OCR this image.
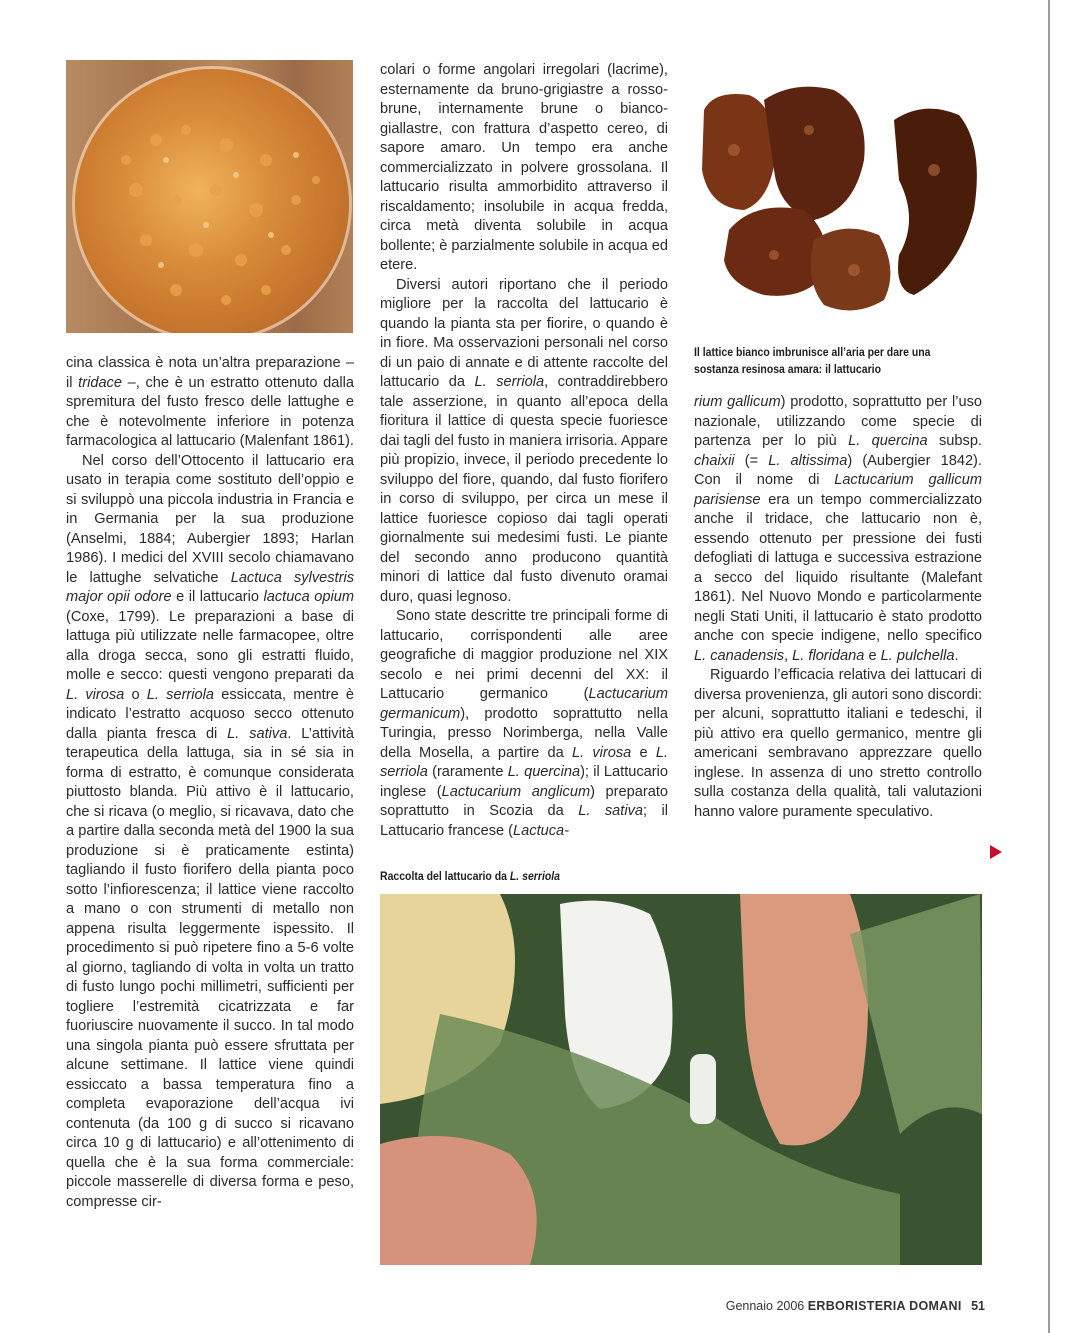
Il lattice bianco imbrunisce all’aria per dare una
sostanza resinosa amara: il lattucario

cina classica è nota un’altra preparazione – il tridace –, che è un estratto ottenuto dalla spremitura del fusto fresco delle lattughe e che è notevolmente inferiore in potenza farmacologica al lattucario (Malenfant 1861).

Nel corso dell’Ottocento il lattucario era usato in terapia come sostituto dell’oppio e si sviluppò una piccola industria in Francia e in Germania per la sua produzione (Anselmi, 1884; Aubergier 1893; Harlan 1986). I medici del XVIII secolo chiamavano le lattughe selvatiche Lactuca sylvestris major opii odore e il lattucario lactuca opium (Coxe, 1799). Le preparazioni a base di lattuga più utilizzate nelle farmacopee, oltre alla droga secca, sono gli estratti fluido, molle e secco: questi vengono preparati da L. virosa o L. serriola essiccata, mentre è indicato l’estratto acquoso secco ottenuto dalla pianta fresca di L. sativa. L’attività terapeutica della lattuga, sia in sé sia in forma di estratto, è comunque considerata piuttosto blanda. Più attivo è il lattucario, che si ricava (o meglio, si ricavava, dato che a partire dalla seconda metà del 1900 la sua produzione si è praticamente estinta) tagliando il fusto fiorifero della pianta poco sotto l’infiorescenza; il lattice viene raccolto a mano o con strumenti di metallo non appena risulta leggermente ispessito. Il procedimento si può ripetere fino a 5-6 volte al giorno, tagliando di volta in volta un tratto di fusto lungo pochi millimetri, sufficienti per togliere l’estremità cicatrizzata e far fuoriuscire nuovamente il succo. In tal modo una singola pianta può essere sfruttata per alcune settimane. Il lattice viene quindi essiccato a bassa temperatura fino a completa evaporazione dell’acqua ivi contenuta (da 100 g di succo si ricavano circa 10 g di lattucario) e all’ottenimento di quella che è la sua forma commerciale: piccole masserelle di diversa forma e peso, compresse cir-

colari o forme angolari irregolari (lacrime), esternamente da bruno-grigiastre a rosso-brune, internamente brune o bianco-giallastre, con frattura d’aspetto cereo, di sapore amaro. Un tempo era anche commercializzato in polvere grossolana. Il lattucario risulta ammorbidito attraverso il riscaldamento; insolubile in acqua fredda, circa metà diventa solubile in acqua bollente; è parzialmente solubile in acqua ed etere.

Diversi autori riportano che il periodo migliore per la raccolta del lattucario è quando la pianta sta per fiorire, o quando è in fiore. Ma osservazioni personali nel corso di un paio di annate e di attente raccolte del lattucario da L. serriola, contraddirebbero tale asserzione, in quanto all’epoca della fioritura il lattice di questa specie fuoriesce dai tagli del fusto in maniera irrisoria. Appare più propizio, invece, il periodo precedente lo sviluppo del fiore, quando, dal fusto fiorifero in corso di sviluppo, per circa un mese il lattice fuoriesce copioso dai tagli operati giornalmente sui medesimi fusti. Le piante del secondo anno producono quantità minori di lattice dal fusto divenuto oramai duro, quasi legnoso.

Sono state descritte tre principali forme di lattucario, corrispondenti alle aree geografiche di maggior produzione nel XIX secolo e nei primi decenni del XX: il Lattucario germanico (Lactucarium germanicum), prodotto soprattutto nella Turingia, presso Norimberga, nella Valle della Mosella, a partire da L. virosa e L. serriola (raramente L. quercina); il Lattucario inglese (Lactucarium anglicum) preparato soprattutto in Scozia da L. sativa; il Lattucario francese (Lactuca-

Raccolta del lattucario da L. serriola

rium gallicum) prodotto, soprattutto per l’uso nazionale, utilizzando come specie di partenza per lo più L. quercina subsp. chaixii (= L. altissima) (Aubergier 1842). Con il nome di Lactucarium gallicum parisiense era un tempo commercializzato anche il tridace, che lattucario non è, essendo ottenuto per pressione dei fusti defogliati di lattuga e successiva estrazione a secco del liquido risultante (Malefant 1861). Nel Nuovo Mondo e particolarmente negli Stati Uniti, il lattucario è stato prodotto anche con specie indigene, nello specifico L. canadensis, L. floridana e L. pulchella.

Riguardo l’efficacia relativa dei lattucari di diversa provenienza, gli autori sono discordi: per alcuni, soprattutto italiani e tedeschi, il più attivo era quello germanico, mentre gli americani sembravano apprezzare quello inglese. In assenza di uno stretto controllo sulla costanza della qualità, tali valutazioni hanno valore puramente speculativo.

Gennaio 2006 ERBORISTERIA DOMANI 51
